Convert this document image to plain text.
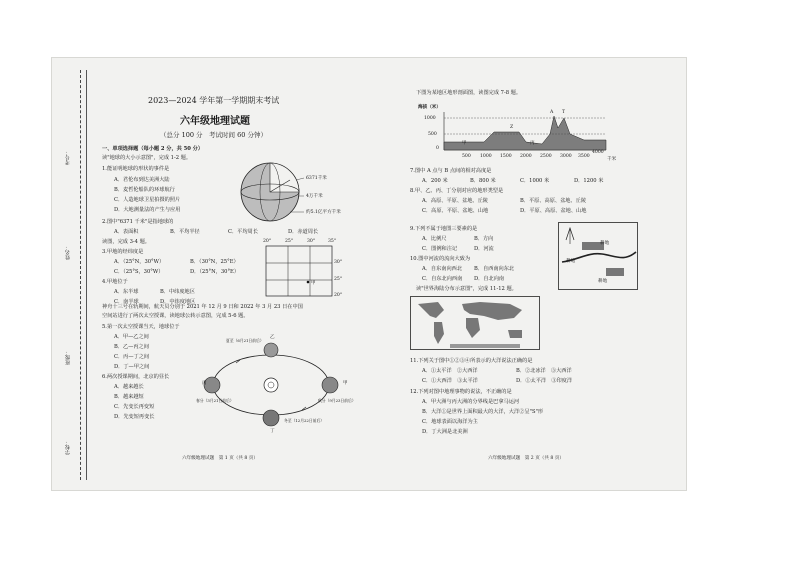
考号：
姓名：
班级：
学校：
2023—2024 学年第一学期期末考试
六年级地理试题
（总分 100 分　考试时间 60 分钟）
一、单项选择题（每小题 2 分，共 50 分）
读"地球的大小示意图"，完成 1-2 题。
1.能证明地球的形状的事件是
A．君伦布到达美洲大陆
B．麦哲伦船队的环球航行
C．人造地球卫星拍摄的照片
D．大地测量法的产生与应用
6371千米
4万千米
约5.1亿平方千米
2.图中"6371 千米"是指地球的
A．表面积	B．平均半径	C．平均周长	D．赤道周长
读图，完成 3-4 题。
3.甲地的经纬度是
A．（25°N，30°W）	B．（30°N，25°E）
C．（25°S，30°W）	D．（25°N，30°E）
4.甲地位于
A．东半球	B．中纬度地区
C．南半球	D．中纬度地区
20°	25°	30°	35°
30°
25°
20°
甲
神舟十三号在轨期间，航天员分别于 2021 年 12 月 9 日和 2022 年 3 月 23 日在中国
空间站进行了两次太空授课，读地球公转示意图，完成 5-6 题。
5.第一次太空授课当天，地球位于
A．甲—乙之间
B．乙—丙之间
C．丙—丁之间
D．丁—甲之间
6.两次授课期间，北京的昼长
A．越来越长
B．越来越短
C．先变长再变短
D．先变短再变长
乙
夏至（6月21日前后）
丙
春分（3月21日前后）
甲
秋分（9月23日前后）
丁
冬至（12月22日前后）
六年级地理试题　第 1 页（共 8 页）
下图为某地区地形剖面图，读图完成 7-8 题。
海拔（米）
1000
500
0
500 1000 1500 2000 2500 3000 3500
4000
千米
A T
Z
甲	丙
7.图中 A 点与 B 点间的相对高度是
A．200 米	B．800 米	C．1000 米	D．1200 米
8.甲、乙、丙、丁分别对应的地形类型是
A．高原、平原、盆地、丘陵	B．平原、高原、盆地、丘陵
C．高原、平原、盆地、山地	D．平原、高原、盆地、山地
9.下列不属于地图三要素的是
A．比例尺	B．方向
C．图例和注记	D．河流
10.图中河流的流向大致为
A．自东南向西北 B．自西南向东北
C．自东北向西南 D．自北向南
耕地
耕地
耕地
读"世界海陆分布示意图"，完成 11-12 题。
11.下列关于图中①②③④所表示的大洋说法正确的是
A．①太平洋　②大西洋	B．②北冰洋　③大西洋
C．①大西洋　③太平洋	D．①太平洋　③印度洋
12.下列对图中地理事物的说法，不正确的是
A．甲大洲与丙大洲的分界线是巴拿马运河
B．大洋①是世界上面积最大的大洋，大洋②呈"S"形
C．地球表面以海洋为主
D．丁大洲是北美洲
六年级地理试题　第 2 页（共 8 页）
